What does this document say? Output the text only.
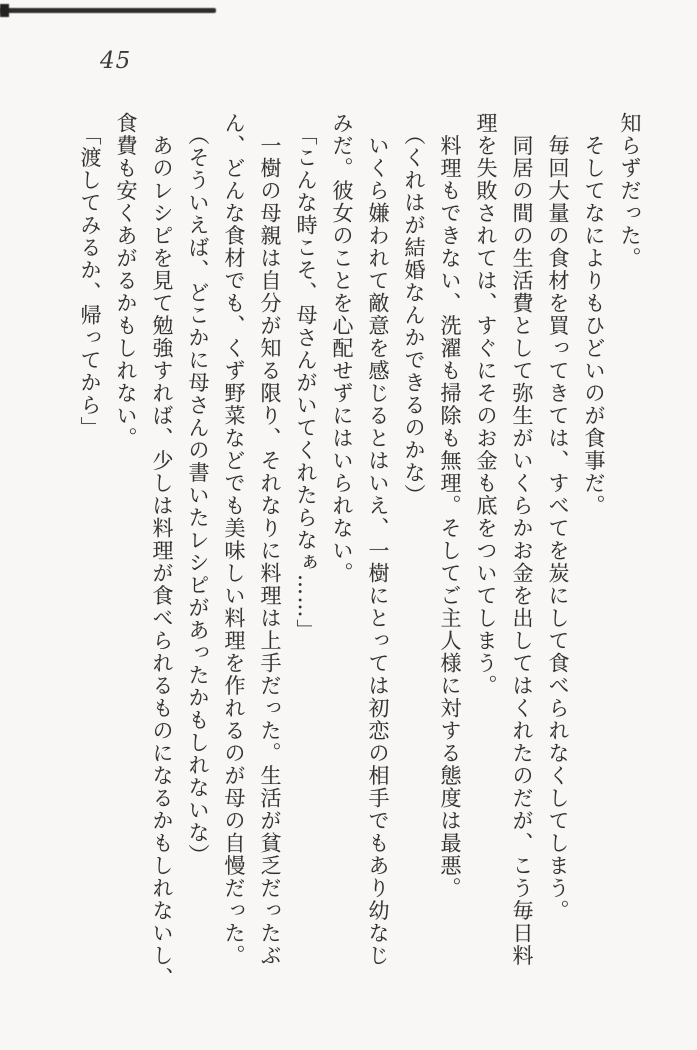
45
知らずだった。
　そしてなによりもひどいのが食事だ。
　毎回大量の食材を買ってきては、すべてを炭にして食べられなくしてしまう。
　同居の間の生活費として弥生がいくらかお金を出してはくれたのだが、こう毎日料
理を失敗されては、すぐにそのお金も底をついてしまう。
　料理もできない、洗濯も掃除も無理。そしてご主人様に対する態度は最悪。
　（くれはが結婚なんかできるのかな）
　いくら嫌われて敵意を感じるとはいえ、一樹にとっては初恋の相手でもあり幼なじ
みだ。彼女のことを心配せずにはいられない。
　「こんな時こそ、母さんがいてくれたらなぁ……」
　一樹の母親は自分が知る限り、それなりに料理は上手だった。生活が貧乏だったぶ
ん、どんな食材でも、くず野菜などでも美味しい料理を作れるのが母の自慢だった。
　（そういえば、どこかに母さんの書いたレシピがあったかもしれないな）
　あのレシピを見て勉強すれば、少しは料理が食べられるものになるかもしれないし、
食費も安くあがるかもしれない。
　「渡してみるか、帰ってから」
